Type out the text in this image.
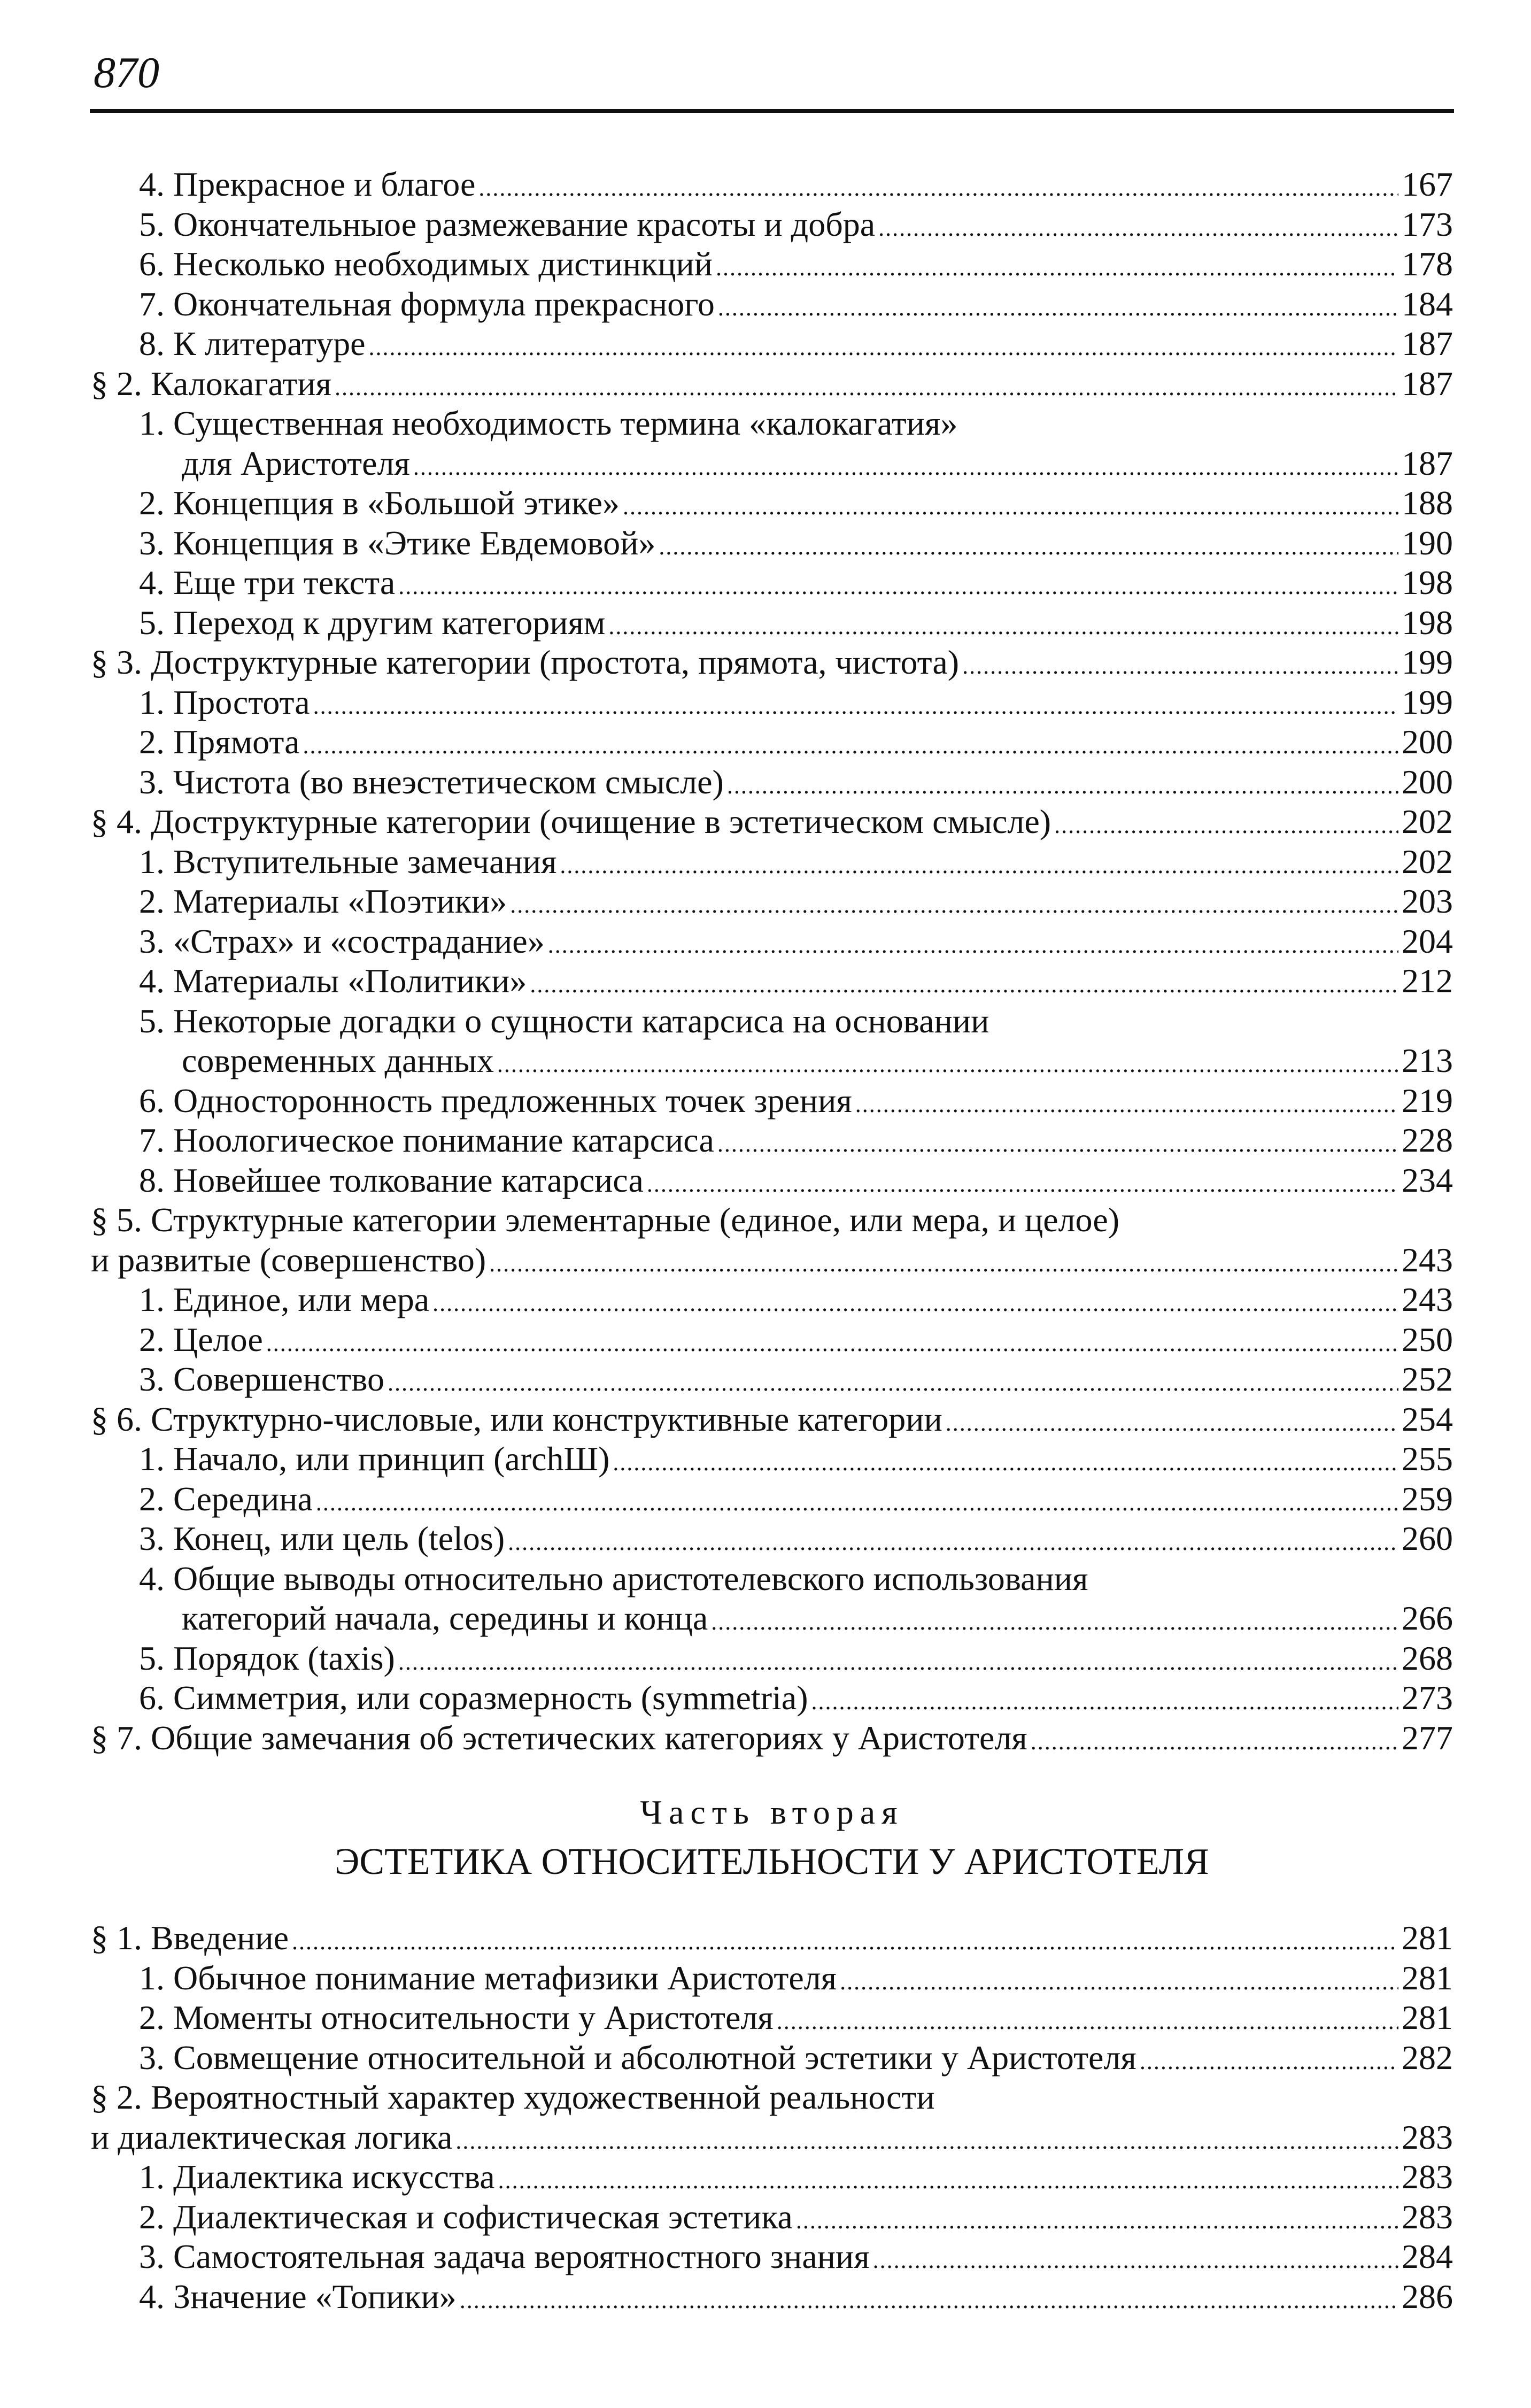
870
4. Прекрасное и благое .....	167
5. Окончательныое размежевание красоты и добра .....	173
6. Несколько необходимых дистинкций .....	178
7. Окончательная формула прекрасного .....	184
8. К литературе .....	187
§ 2. Калокагатия .....	187
1. Существенная необходимость термина «калокагатия»
для Аристотеля .....	187
2. Концепция в «Большой этике» .....	188
3. Концепция в «Этике Евдемовой» .....	190
4. Еще три текста .....	198
5. Переход к другим категориям .....	198
§ 3. Доструктурные категории (простота, прямота, чистота) .....	199
1. Простота .....	199
2. Прямота .....	200
3. Чистота (во внеэстетическом смысле) .....	200
§ 4. Доструктурные категории (очищение в эстетическом смысле) .....	202
1. Вступительные замечания .....	202
2. Материалы «Поэтики» .....	203
3. «Страх» и «сострадание» .....	204
4. Материалы «Политики» .....	212
5. Некоторые догадки о сущности катарсиса на основании
современных данных .....	213
6. Односторонность предложенных точек зрения .....	219
7. Ноологическое понимание катарсиса .....	228
8. Новейшее толкование катарсиса .....	234
§ 5. Структурные категории элементарные (единое, или мера, и целое)
и развитые (совершенство) .....	243
1. Единое, или мера .....	243
2. Целое .....	250
3. Совершенство .....	252
§ 6. Структурно-числовые, или конструктивные категории .....	254
1. Начало, или принцип (archШ) .....	255
2. Середина .....	259
3. Конец, или цель (telos) .....	260
4. Общие выводы относительно аристотелевского использования
категорий начала, середины и конца .....	266
5. Порядок (taxis) .....	268
6. Симметрия, или соразмерность (symmetria) .....	273
§ 7. Общие замечания об эстетических категориях у Аристотеля .....	277
Часть вторая
ЭСТЕТИКА ОТНОСИТЕЛЬНОСТИ У АРИСТОТЕЛЯ
§ 1. Введение .....	281
1. Обычное понимание метафизики Аристотеля .....	281
2. Моменты относительности у Аристотеля .....	281
3. Совмещение относительной и абсолютной эстетики у Аристотеля .....	282
§ 2. Вероятностный характер художественной реальности
и диалектическая логика .....	283
1. Диалектика искусства .....	283
2. Диалектическая и софистическая эстетика .....	283
3. Самостоятельная задача вероятностного знания .....	284
4. Значение «Топики» .....	286
